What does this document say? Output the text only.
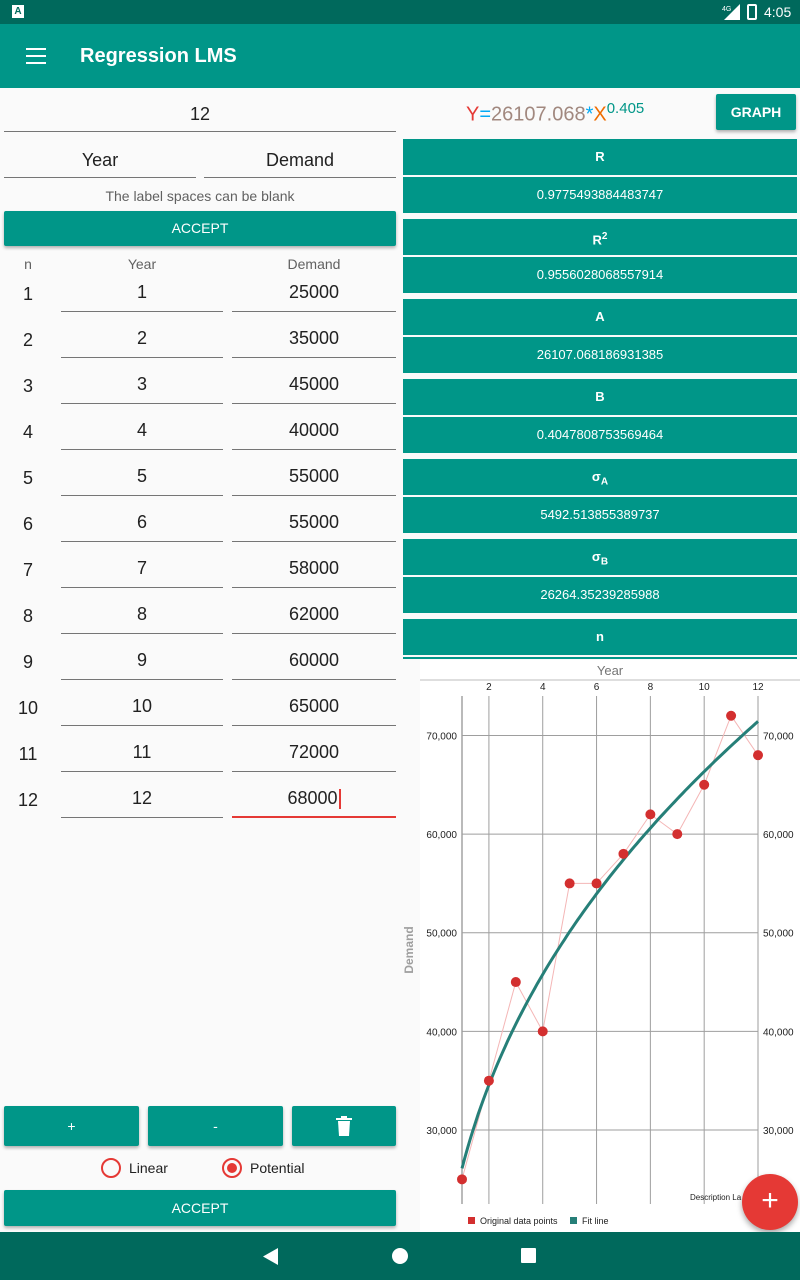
A	4G 4:05
Regression LMS
12
Year	Demand
The label spaces can be blank
ACCEPT
n	Year	Demand
1	1	25000
2	2	35000
3	3	45000
4	4	40000
5	5	55000
6	6	55000
7	7	58000
8	8	62000
9	9	60000
10	10	65000
11	11	72000
12	12	68000
+	-
Linear	Potential
ACCEPT
$Y=26107.068*X^{0.405}$	GRAPH
R
0.9775493884483747
$R^2$
0.9556028068557914
A
26107.068186931385
B
0.4047808753569464
$\sigma_A$
5492.513855389737
$\sigma_B$
26264.35239285988
n
Year
2	4	6	8	10	12
30,000	30,000
40,000	40,000
50,000	50,000
60,000	60,000
70,000	70,000
Demand
Description La
Original data points	Fit line
+
